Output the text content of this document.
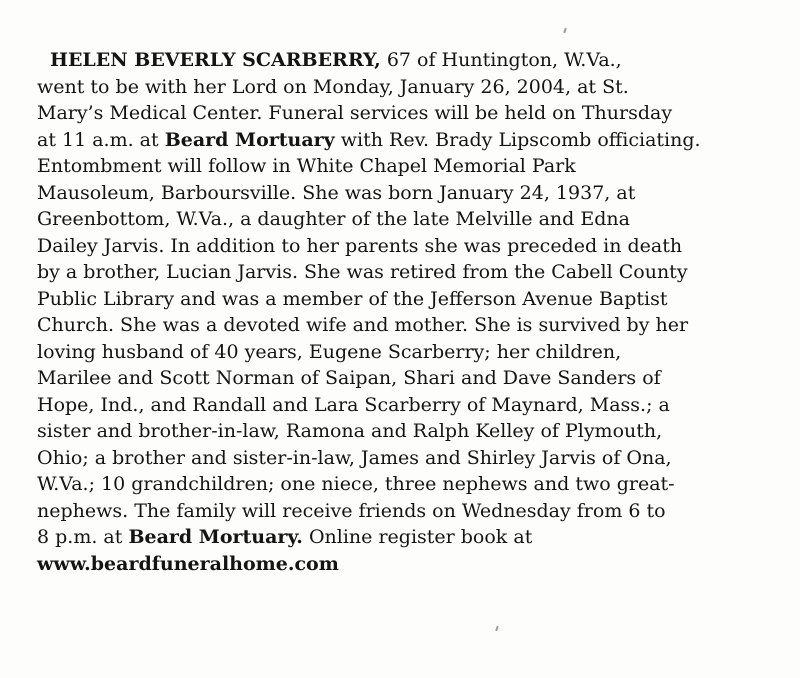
HELEN BEVERLY SCARBERRY, 67 of Huntington, W.Va.,
went to be with her Lord on Monday, January 26, 2004, at St.
Mary’s Medical Center. Funeral services will be held on Thursday
at 11 a.m. at Beard Mortuary with Rev. Brady Lipscomb officiating.
Entombment will follow in White Chapel Memorial Park
Mausoleum, Barboursville. She was born January 24, 1937, at
Greenbottom, W.Va., a daughter of the late Melville and Edna
Dailey Jarvis. In addition to her parents she was preceded in death
by a brother, Lucian Jarvis. She was retired from the Cabell County
Public Library and was a member of the Jefferson Avenue Baptist
Church. She was a devoted wife and mother. She is survived by her
loving husband of 40 years, Eugene Scarberry; her children,
Marilee and Scott Norman of Saipan, Shari and Dave Sanders of
Hope, Ind., and Randall and Lara Scarberry of Maynard, Mass.; a
sister and brother-in-law, Ramona and Ralph Kelley of Plymouth,
Ohio; a brother and sister-in-law, James and Shirley Jarvis of Ona,
W.Va.; 10 grandchildren; one niece, three nephews and two great-
nephews. The family will receive friends on Wednesday from 6 to
8 p.m. at Beard Mortuary. Online register book at
www.beardfuneralhome.com
